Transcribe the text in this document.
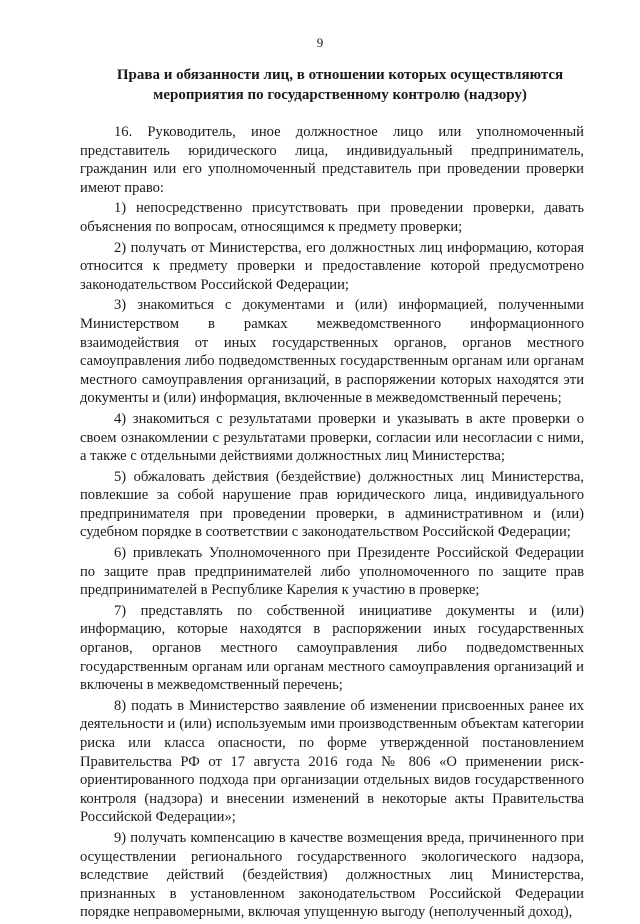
9
Права и обязанности лиц, в отношении которых осуществляются мероприятия по государственному контролю (надзору)

16. Руководитель, иное должностное лицо или уполномоченный представитель юридического лица, индивидуальный предприниматель, гражданин или его уполномоченный представитель при проведении проверки имеют право:

1) непосредственно присутствовать при проведении проверки, давать объяснения по вопросам, относящимся к предмету проверки;

2) получать от Министерства, его должностных лиц информацию, которая относится к предмету проверки и предоставление которой предусмотрено законодательством Российской Федерации;

3) знакомиться с документами и (или) информацией, полученными Министерством в рамках межведомственного информационного взаимодействия от иных государственных органов, органов местного самоуправления либо подведомственных государственным органам или органам местного самоуправления организаций, в распоряжении которых находятся эти документы и (или) информация, включенные в межведомственный перечень;

4) знакомиться с результатами проверки и указывать в акте проверки о своем ознакомлении с результатами проверки, согласии или несогласии с ними, а также с отдельными действиями должностных лиц Министерства;

5) обжаловать действия (бездействие) должностных лиц Министерства, повлекшие за собой нарушение прав юридического лица, индивидуального предпринимателя при проведении проверки, в административном и (или) судебном порядке в соответствии с законодательством Российской Федерации;

6) привлекать Уполномоченного при Президенте Российской Федерации по защите прав предпринимателей либо уполномоченного по защите прав предпринимателей в Республике Карелия к участию в проверке;

7) представлять по собственной инициативе документы и (или) информацию, которые находятся в распоряжении иных государственных органов, органов местного самоуправления либо подведомственных государственным органам или органам местного самоуправления организаций и включены в межведомственный перечень;

8) подать в Министерство заявление об изменении присвоенных ранее их деятельности и (или) используемым ими производственным объектам категории риска или класса опасности, по форме утвержденной постановлением Правительства РФ от 17 августа 2016 года № 806 «О применении риск-ориентированного подхода при организации отдельных видов государственного контроля (надзора) и внесении изменений в некоторые акты Правительства Российской Федерации»;

9) получать компенсацию в качестве возмещения вреда, причиненного при осуществлении регионального государственного экологического надзора, вследствие действий (бездействия) должностных лиц Министерства, признанных в установленном законодательством Российской Федерации порядке неправомерными, включая упущенную выгоду (неполученный доход),
